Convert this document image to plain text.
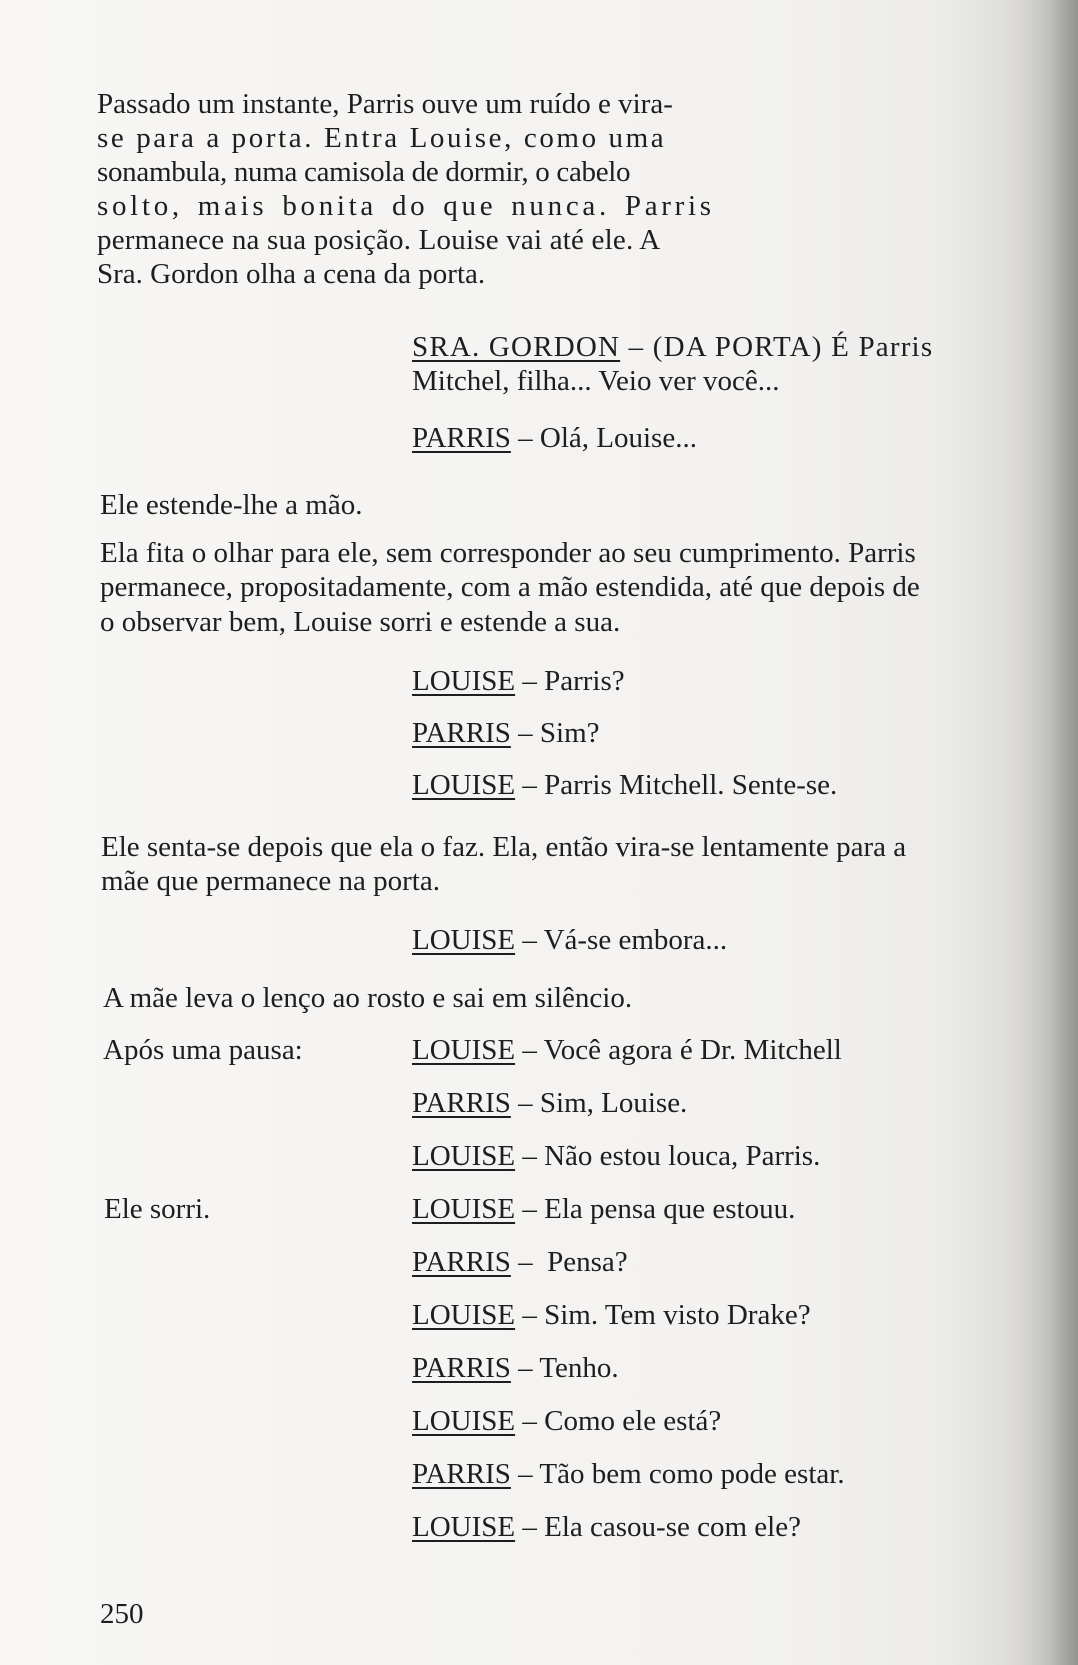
Passado um instante, Parris ouve um ruído e vira-
se para a porta. Entra Louise, como uma
sonambula, numa camisola de dormir, o cabelo
solto, mais bonita do que nunca. Parris
permanece na sua posição. Louise vai até ele. A
Sra. Gordon olha a cena da porta.
SRA. GORDON – (DA PORTA) É Parris
Mitchel, filha... Veio ver você...
PARRIS – Olá, Louise...
Ele estende-lhe a mão.
Ela fita o olhar para ele, sem corresponder ao seu cumprimento. Parris
permanece, propositadamente, com a mão estendida, até que depois de
o observar bem, Louise sorri e estende a sua.
LOUISE – Parris?
PARRIS – Sim?
LOUISE – Parris Mitchell. Sente-se.
Ele senta-se depois que ela o faz. Ela, então vira-se lentamente para a
mãe que permanece na porta.
LOUISE – Vá-se embora...
A mãe leva o lenço ao rosto e sai em silêncio.
Após uma pausa:	LOUISE – Você agora é Dr. Mitchell
PARRIS – Sim, Louise.
LOUISE – Não estou louca, Parris.
Ele sorri.	LOUISE – Ela pensa que estouu.
PARRIS –  Pensa?
LOUISE – Sim. Tem visto Drake?
PARRIS – Tenho.
LOUISE – Como ele está?
PARRIS – Tão bem como pode estar.
LOUISE – Ela casou-se com ele?
250
